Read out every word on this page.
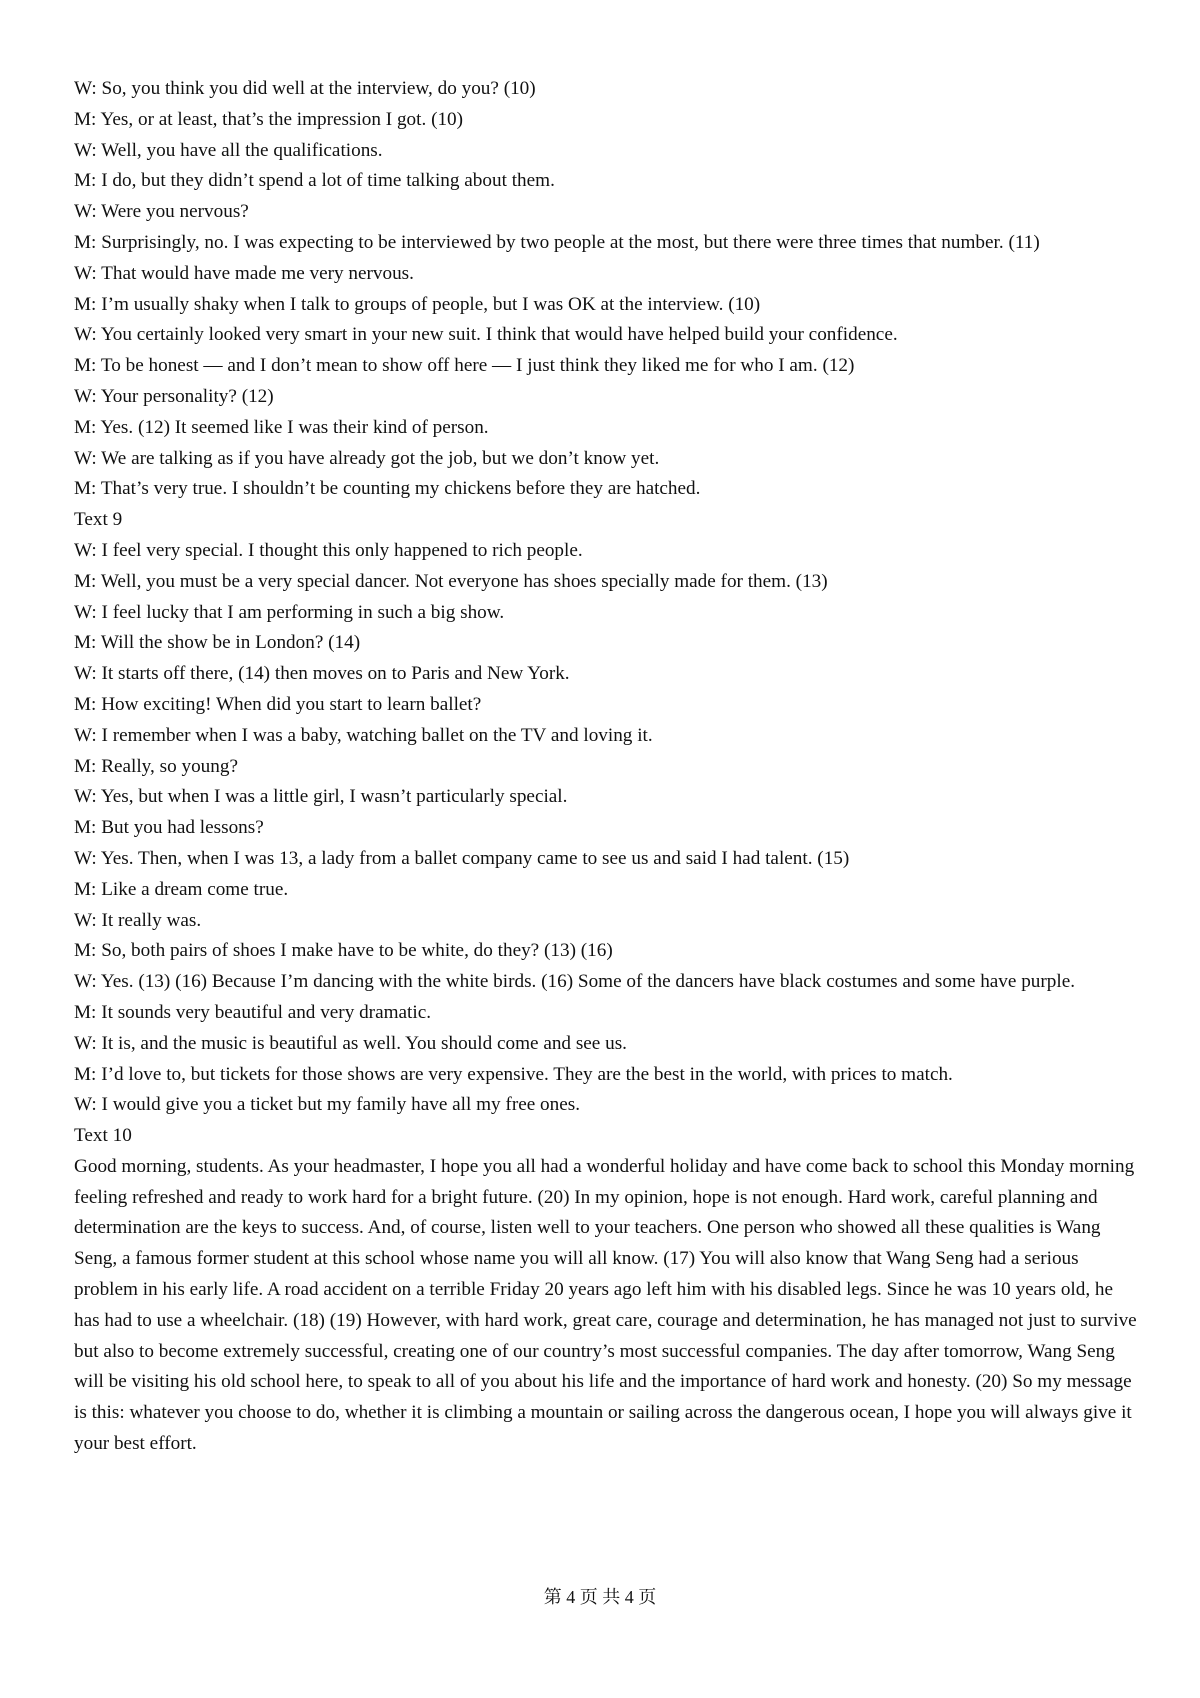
W: So, you think you did well at the interview, do you? (10)
M: Yes, or at least, that’s the impression I got. (10)
W: Well, you have all the qualifications.
M: I do, but they didn’t spend a lot of time talking about them.
W: Were you nervous?
M: Surprisingly, no. I was expecting to be interviewed by two people at the most, but there were three times that number. (11)
W: That would have made me very nervous.
M: I’m usually shaky when I talk to groups of people, but I was OK at the interview. (10)
W: You certainly looked very smart in your new suit. I think that would have helped build your confidence.
M: To be honest — and I don’t mean to show off here — I just think they liked me for who I am. (12)
W: Your personality? (12)
M: Yes. (12) It seemed like I was their kind of person.
W: We are talking as if you have already got the job, but we don’t know yet.
M: That’s very true. I shouldn’t be counting my chickens before they are hatched.
Text 9
W: I feel very special. I thought this only happened to rich people.
M: Well, you must be a very special dancer. Not everyone has shoes specially made for them. (13)
W: I feel lucky that I am performing in such a big show.
M: Will the show be in London? (14)
W: It starts off there, (14) then moves on to Paris and New York.
M: How exciting! When did you start to learn ballet?
W: I remember when I was a baby, watching ballet on the TV and loving it.
M: Really, so young?
W: Yes, but when I was a little girl, I wasn’t particularly special.
M: But you had lessons?
W: Yes. Then, when I was 13, a lady from a ballet company came to see us and said I had talent. (15)
M: Like a dream come true.
W: It really was.
M: So, both pairs of shoes I make have to be white, do they? (13) (16)
W: Yes. (13) (16) Because I’m dancing with the white birds. (16) Some of the dancers have black costumes and some have purple.
M: It sounds very beautiful and very dramatic.
W: It is, and the music is beautiful as well. You should come and see us.
M: I’d love to, but tickets for those shows are very expensive. They are the best in the world, with prices to match.
W: I would give you a ticket but my family have all my free ones.
Text 10
Good morning, students. As your headmaster, I hope you all had a wonderful holiday and have come back to school this Monday morning feeling refreshed and ready to work hard for a bright future. (20) In my opinion, hope is not enough. Hard work, careful planning and determination are the keys to success. And, of course, listen well to your teachers. One person who showed all these qualities is Wang Seng, a famous former student at this school whose name you will all know. (17) You will also know that Wang Seng had a serious problem in his early life. A road accident on a terrible Friday 20 years ago left him with his disabled legs. Since he was 10 years old, he has had to use a wheelchair. (18) (19) However, with hard work, great care, courage and determination, he has managed not just to survive but also to become extremely successful, creating one of our country’s most successful companies. The day after tomorrow, Wang Seng will be visiting his old school here, to speak to all of you about his life and the importance of hard work and honesty. (20) So my message is this: whatever you choose to do, whether it is climbing a mountain or sailing across the dangerous ocean, I hope you will always give it your best effort.
第 4 页 共 4 页
